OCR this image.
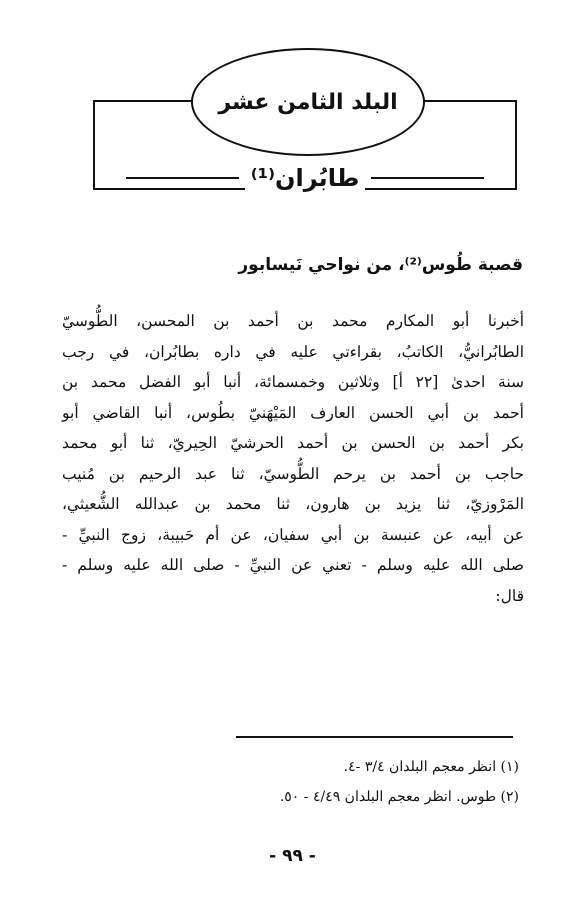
البلد الثامن عشر
طابُران⁽¹⁾
قصبة طُوس⁽²⁾، من نواحي نَيسابور
أخبرنا أبو المكارم محمد بن أحمد بن المحسن، الطُّوسيّ
الطابُرانيُّ، الكاتبُ، بقراءتي عليه في داره بطابُران، في رجب
سنة احدىٰ [٢٢ أ] وثلاثين وخمسمائة، أنبا أبو الفضل محمد بن
أحمد بن أبي الحسن العارف المَيْهَنيّ بطُوس، أنبا القاضي أبو
بكر أحمد بن الحسن بن أحمد الحرشيّ الحِيريّ، ثنا أبو محمد
حاجب بن أحمد بن يرحم الطُّوسيّ، ثنا عبد الرحيم بن مُنيب
المَرْوزيّ، ثنا يزيد بن هارون، ثنا محمد بن عبدالله الشُّعيثي،
عن أبيه، عن عنبسة بن أبي سفيان، عن أم حَبيبة، زوج النبيِّ -
صلى الله عليه وسلم - تعني عن النبيِّ - صلى الله عليه وسلم -
قال:
(١) انظر معجم البلدان ٣/٤ -٤.
(٢) طوس. انظر معجم البلدان ٤/٤٩ - ٥٠.
- ٩٩ -
